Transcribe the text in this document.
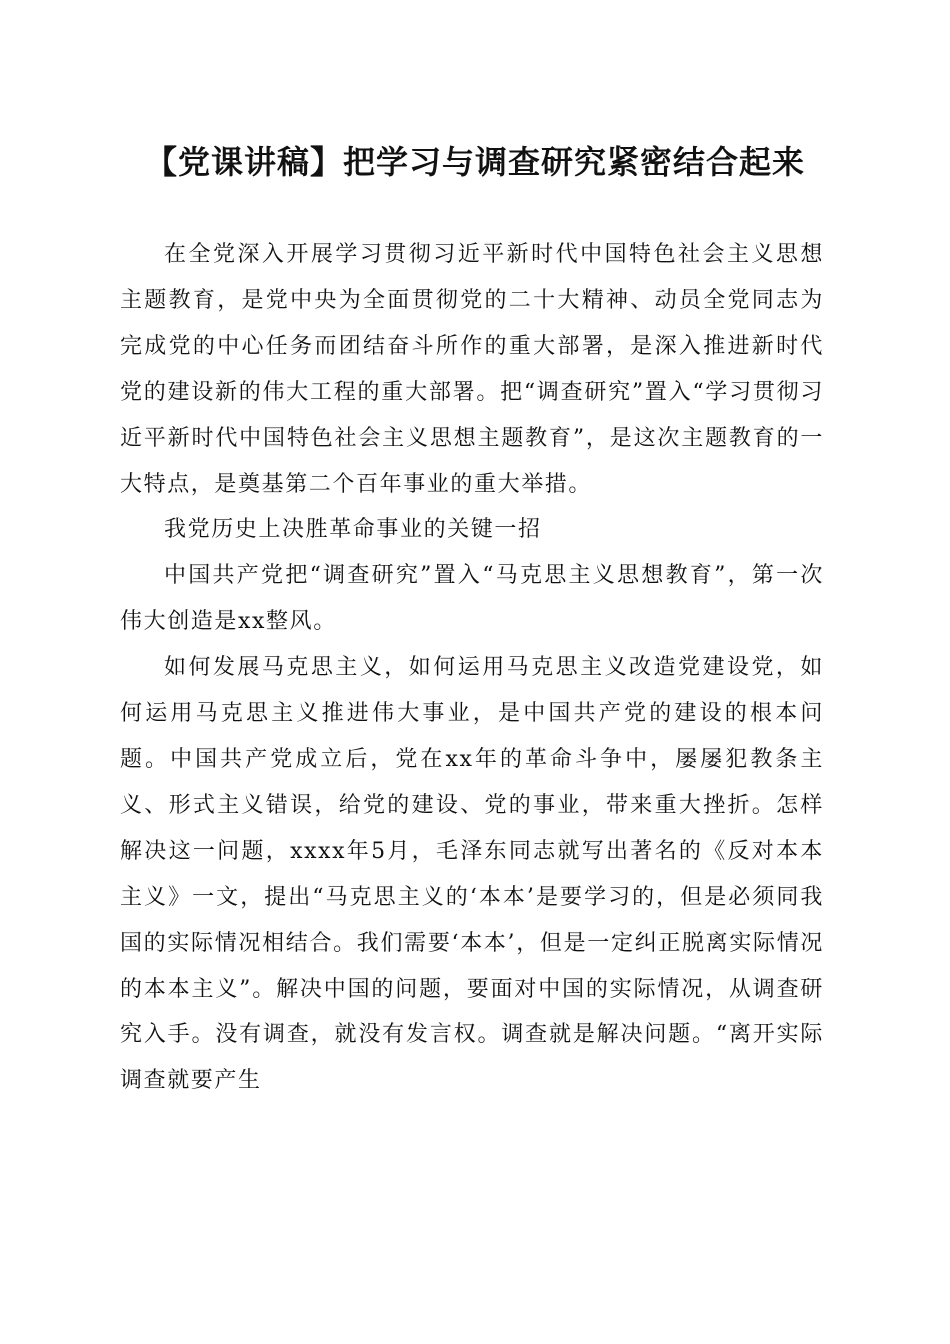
【党课讲稿】把学习与调查研究紧密结合起来

在全党深入开展学习贯彻习近平新时代中国特色社会主义思想主题教育，是党中央为全面贯彻党的二十大精神、动员全党同志为完成党的中心任务而团结奋斗所作的重大部署，是深入推进新时代党的建设新的伟大工程的重大部署。把“调查研究”置入“学习贯彻习近平新时代中国特色社会主义思想主题教育”，是这次主题教育的一大特点，是奠基第二个百年事业的重大举措。

我党历史上决胜革命事业的关键一招

中国共产党把“调查研究”置入“马克思主义思想教育”，第一次伟大创造是xx整风。

如何发展马克思主义，如何运用马克思主义改造党建设党，如何运用马克思主义推进伟大事业，是中国共产党的建设的根本问题。中国共产党成立后，党在xx年的革命斗争中，屡屡犯教条主义、形式主义错误，给党的建设、党的事业，带来重大挫折。怎样解决这一问题，xxxx年5月，毛泽东同志就写出著名的《反对本本主义》一文，提出“马克思主义的‘本本’是要学习的，但是必须同我国的实际情况相结合。我们需要‘本本’，但是一定纠正脱离实际情况的本本主义”。解决中国的问题，要面对中国的实际情况，从调查研究入手。没有调查，就没有发言权。调查就是解决问题。“离开实际调查就要产生
